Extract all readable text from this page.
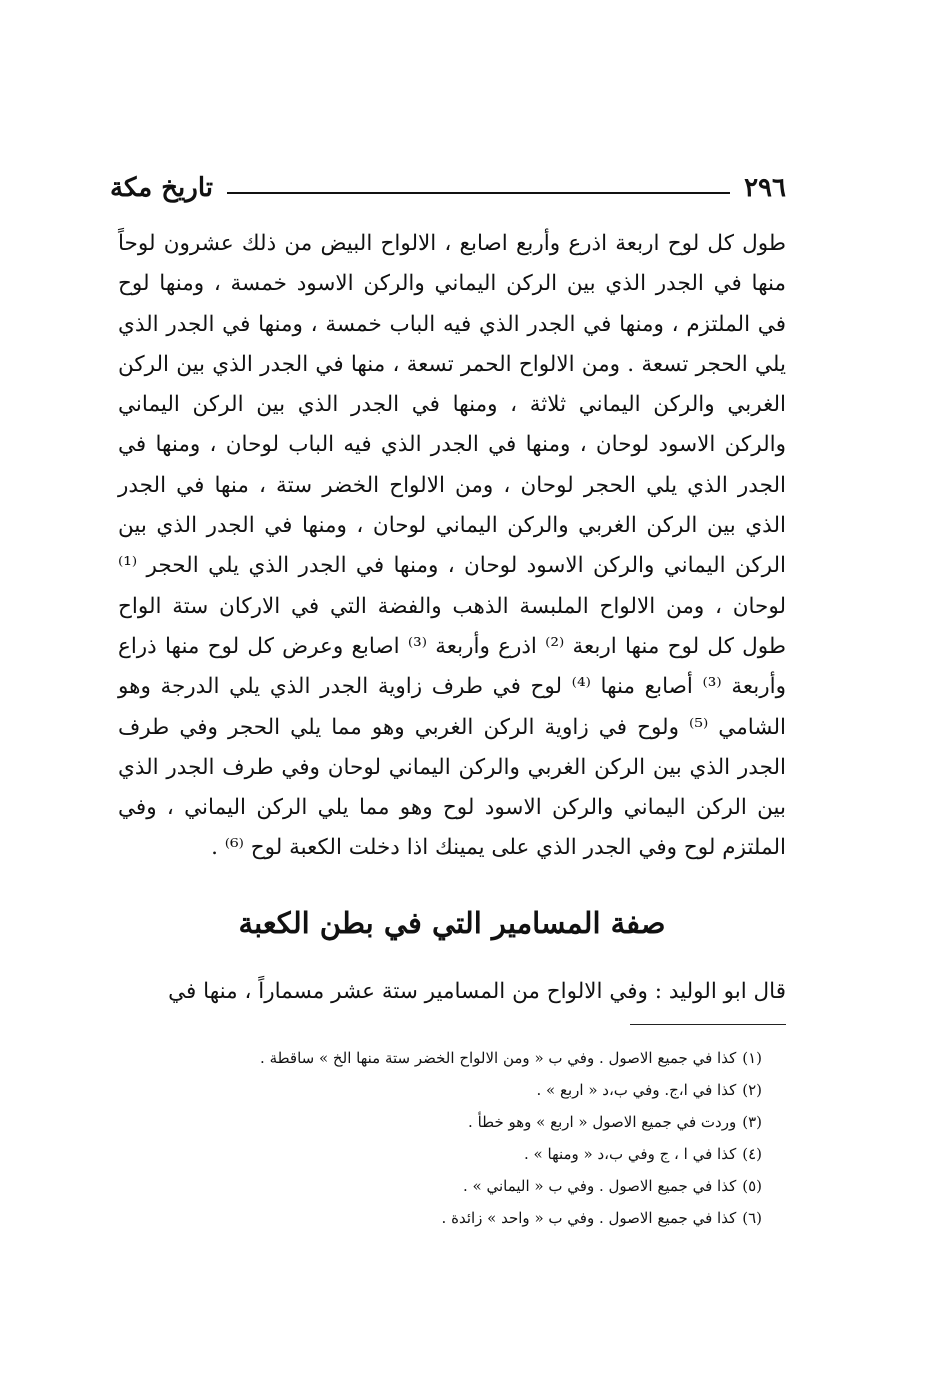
٢٩٦
تاريخ مكة

طول كل لوح اربعة اذرع وأربع اصابع ، الالواح البيض من ذلك عشرون لوحاً منها في الجدر الذي بين الركن اليماني والركن الاسود خمسة ، ومنها لوح في الملتزم ، ومنها في الجدر الذي فيه الباب خمسة ، ومنها في الجدر الذي يلي الحجر تسعة . ومن الالواح الحمر تسعة ، منها في الجدر الذي بين الركن الغربي والركن اليماني ثلاثة ، ومنها في الجدر الذي بين الركن اليماني والركن الاسود لوحان ، ومنها في الجدر الذي فيه الباب لوحان ، ومنها في الجدر الذي يلي الحجر لوحان ، ومن الالواح الخضر ستة ، منها في الجدر الذي بين الركن الغربي والركن اليماني لوحان ، ومنها في الجدر الذي بين الركن اليماني والركن الاسود لوحان ، ومنها في الجدر الذي يلي الحجر ⁽¹⁾ لوحان ، ومن الالواح الملبسة الذهب والفضة التي في الاركان ستة الواح طول كل لوح منها اربعة ⁽²⁾ اذرع وأربعة ⁽³⁾ اصابع وعرض كل لوح منها ذراع وأربعة ⁽³⁾ أصابع منها ⁽⁴⁾ لوح في طرف زاوية الجدر الذي يلي الدرجة وهو الشامي ⁽⁵⁾ ولوح في زاوية الركن الغربي وهو مما يلي الحجر وفي طرف الجدر الذي بين الركن الغربي والركن اليماني لوحان وفي طرف الجدر الذي بين الركن اليماني والركن الاسود لوح وهو مما يلي الركن اليماني ، وفي الملتزم لوح وفي الجدر الذي على يمينك اذا دخلت الكعبة لوح ⁽⁶⁾ .

صفة المسامير التي في بطن الكعبة
قال ابو الوليد : وفي الالواح من المسامير ستة عشر مسماراً ، منها في
(١)
كذا في جميع الاصول . وفي ب « ومن الالواح الخضر ستة منها الخ » ساقطة .
(٢)
كذا في ا،ج. وفي ب،د « اربع » .
(٣)
وردت في جميع الاصول « اربع » وهو خطأ .
(٤)
كذا في ا ، ج وفي ب،د « ومنها » .
(٥)
كذا في جميع الاصول . وفي ب « اليماني » .
(٦)
كذا في جميع الاصول . وفي ب « واحد » زائدة .
